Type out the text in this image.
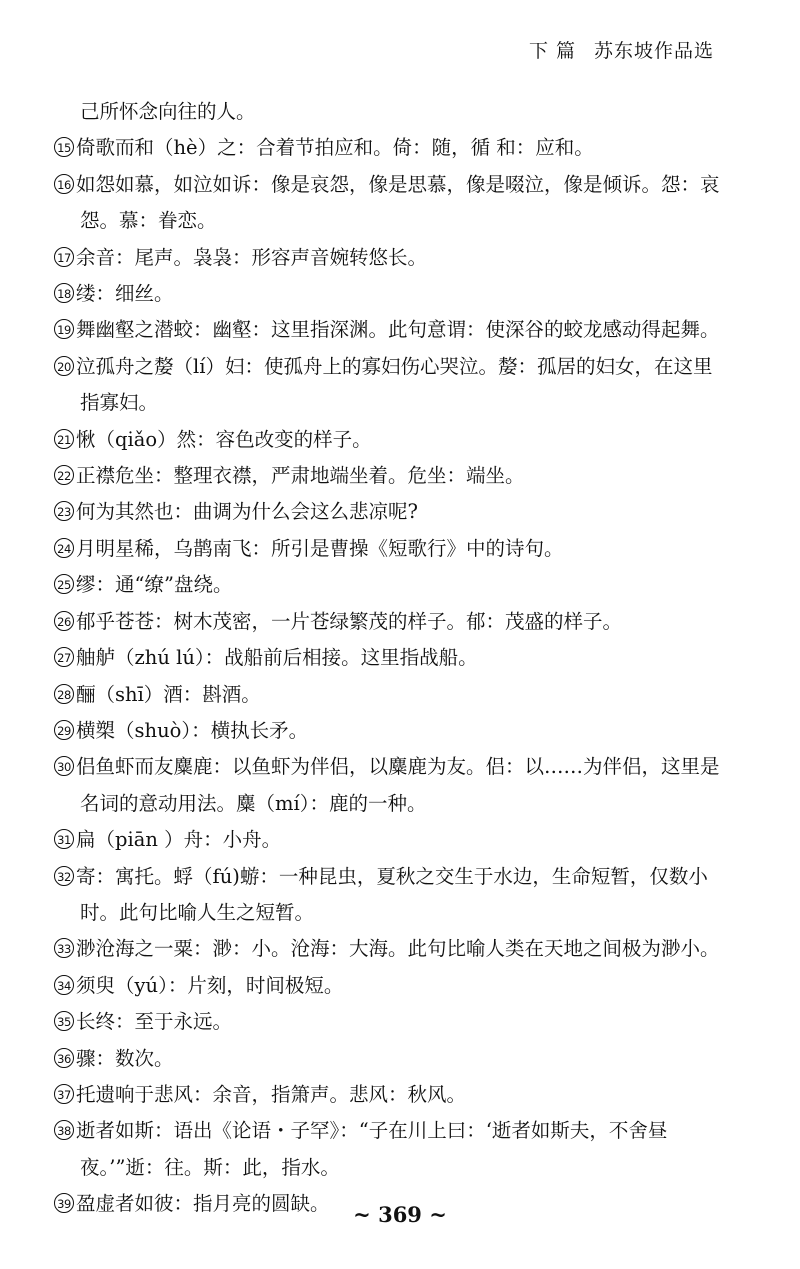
下 篇 苏东坡作品选

己所怀念向往的人。

15 倚歌而和（hè）之：合着节拍应和。倚：随，循 和：应和。

16 如怨如慕，如泣如诉：像是哀怨，像是思慕，像是啜泣，像是倾诉。怨：哀怨。慕：眷恋。

17 余音：尾声。袅袅：形容声音婉转悠长。

18 缕：细丝。

19 舞幽壑之潜蛟：幽壑：这里指深渊。此句意谓：使深谷的蛟龙感动得起舞。

20 泣孤舟之嫠（lí）妇：使孤舟上的寡妇伤心哭泣。嫠：孤居的妇女，在这里指寡妇。

21 愀（qiǎo）然：容色改变的样子。

22 正襟危坐：整理衣襟，严肃地端坐着。危坐：端坐。

23 何为其然也：曲调为什么会这么悲凉呢?

24 月明星稀，乌鹊南飞：所引是曹操《短歌行》中的诗句。

25 缪：通“缭”盘绕。

26 郁乎苍苍：树木茂密，一片苍绿繁茂的样子。郁：茂盛的样子。

27 舳舻（zhú lú）：战船前后相接。这里指战船。

28 酾（shī）酒：斟酒。

29 横槊（shuò）：横执长矛。

30 侣鱼虾而友麋鹿：以鱼虾为伴侣，以麋鹿为友。侣：以……为伴侣，这里是名词的意动用法。麋（mí）：鹿的一种。

31 扁（piān ）舟：小舟。

32 寄：寓托。蜉（fú)蝣：一种昆虫，夏秋之交生于水边，生命短暂，仅数小时。此句比喻人生之短暂。

33 渺沧海之一粟：渺：小。沧海：大海。此句比喻人类在天地之间极为渺小。

34 须臾（yú）：片刻，时间极短。

35 长终：至于永远。

36 骤：数次。

37 托遗响于悲风：余音，指箫声。悲风：秋风。

38 逝者如斯：语出《论语・子罕》：“子在川上曰：‘逝者如斯夫，不舍昼夜。’”逝：往。斯：此，指水。

39 盈虚者如彼：指月亮的圆缺。	~ 369 ~
